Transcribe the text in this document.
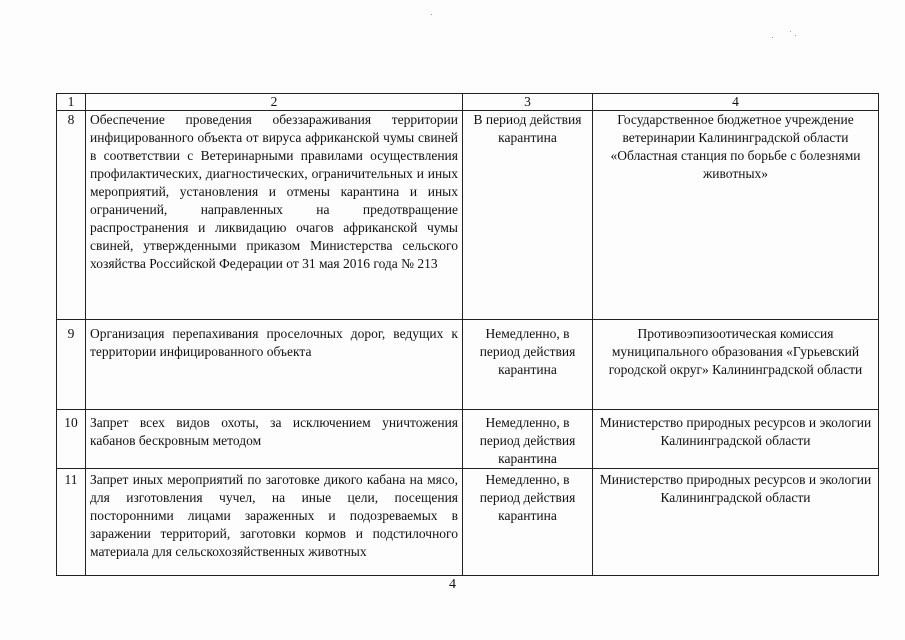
1	2	3	4
8	Обеспечение проведения обеззараживания территории инфицированного объекта от вируса африканской чумы свиней в соответствии с Ветеринарными правилами осуществления профилактических, диагностических, ограничительных и иных мероприятий, установления и отмены карантина и иных ограничений, направленных на предотвращение распространения и ликвидацию очагов африканской чумы свиней, утвержденными приказом Министерства сельского хозяйства Российской Федерации от 31 мая 2016 года № 213	В период действия карантина	Государственное бюджетное учреждение ветеринарии Калининградской области «Областная станция по борьбе с болезнями животных»
9	Организация перепахивания проселочных дорог, ведущих к территории инфицированного объекта	Немедленно, в период действия карантина	Противоэпизоотическая комиссия муниципального образования «Гурьевский городской округ» Калининградской области
10	Запрет всех видов охоты, за исключением уничтожения кабанов бескровным методом	Немедленно, в период действия карантина	Министерство природных ресурсов и экологии Калининградской области
11	Запрет иных мероприятий по заготовке дикого кабана на мясо, для изготовления чучел, на иные цели, посещения посторонними лицами зараженных и подозреваемых в заражении территорий, заготовки кормов и подстилочного материала для сельскохозяйственных животных	Немедленно, в период действия карантина	Министерство природных ресурсов и экологии Калининградской области
4
